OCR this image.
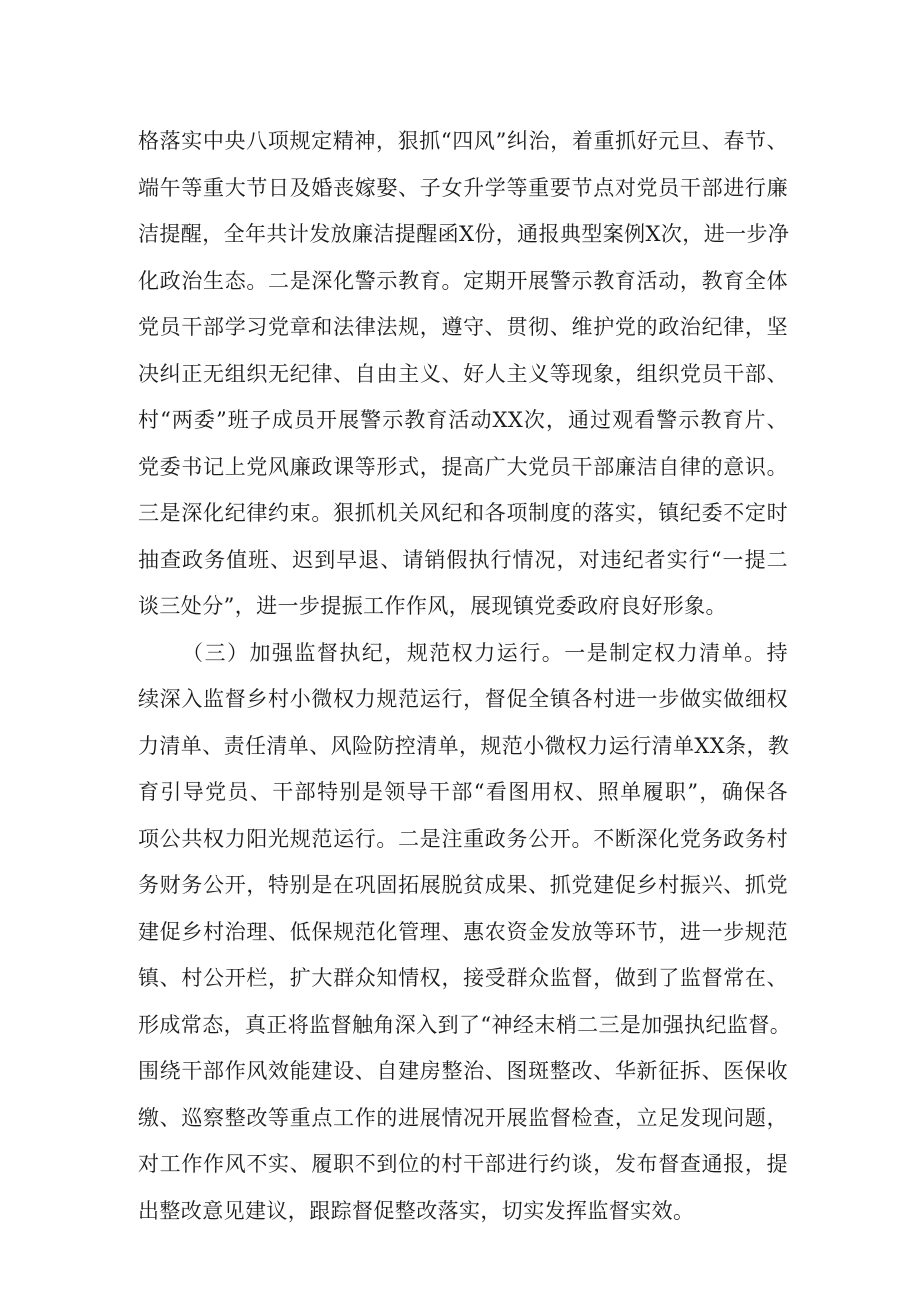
格落实中央八项规定精神，狠抓“四风”纠治，着重抓好元旦、春节、
端午等重大节日及婚丧嫁娶、子女升学等重要节点对党员干部进行廉
洁提醒，全年共计发放廉洁提醒函X份，通报典型案例X次，进一步净
化政治生态。二是深化警示教育。定期开展警示教育活动，教育全体
党员干部学习党章和法律法规，遵守、贯彻、维护党的政治纪律，坚
决纠正无组织无纪律、自由主义、好人主义等现象，组织党员干部、
村“两委”班子成员开展警示教育活动XX次，通过观看警示教育片、
党委书记上党风廉政课等形式，提高广大党员干部廉洁自律的意识。
三是深化纪律约束。狠抓机关风纪和各项制度的落实，镇纪委不定时
抽查政务值班、迟到早退、请销假执行情况，对违纪者实行“一提二
谈三处分”，进一步提振工作作风，展现镇党委政府良好形象。
（三）加强监督执纪，规范权力运行。一是制定权力清单。持
续深入监督乡村小微权力规范运行，督促全镇各村进一步做实做细权
力清单、责任清单、风险防控清单，规范小微权力运行清单XX条，教
育引导党员、干部特别是领导干部“看图用权、照单履职”，确保各
项公共权力阳光规范运行。二是注重政务公开。不断深化党务政务村
务财务公开，特别是在巩固拓展脱贫成果、抓党建促乡村振兴、抓党
建促乡村治理、低保规范化管理、惠农资金发放等环节，进一步规范
镇、村公开栏，扩大群众知情权，接受群众监督，做到了监督常在、
形成常态，真正将监督触角深入到了“神经末梢二三是加强执纪监督。
围绕干部作风效能建设、自建房整治、图斑整改、华新征拆、医保收
缴、巡察整改等重点工作的进展情况开展监督检查，立足发现问题，
对工作作风不实、履职不到位的村干部进行约谈，发布督查通报，提
出整改意见建议，跟踪督促整改落实，切实发挥监督实效。
